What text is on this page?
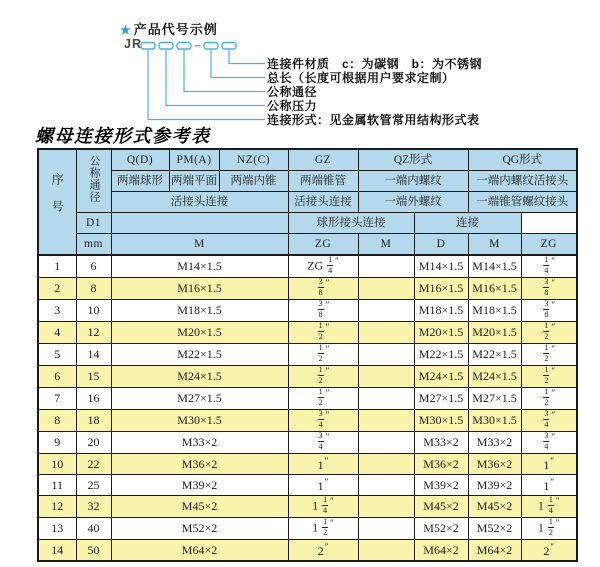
★ 产品代号示例
JR
连接件材质　c：为碳钢　b：为不锈钢
总长（长度可根据用户要求定制）
公称通径
公称压力
连接形式：见金属软管常用结构形式表
螺母连接形式参考表
序号	公称通径	Q(D)	PM(A)	NZ(C)	GZ	QZ形式		QG形式	
		两端球形	两端平面	两端内锥	两端锥管	一端内螺纹		一端内螺纹活接头	
		活接头连接			活接头连接	一端外螺纹		一端锥管螺纹接头	
	D1				球形接头连接		连接		
	mm	M			ZG	M	D	M	ZG
1	6	M14×1.5			ZG $\frac{1}{4} ''$		M14×1.5	M14×1.5	$\frac{1}{4} ''$
2	8	M16×1.5			$\frac{3}{8} ''$		M16×1.5	M16×1.5	$\frac{3}{8} ''$
3	10	M18×1.5			$\frac{3}{8} ''$		M18×1.5	M18×1.5	$\frac{3}{8} ''$
4	12	M20×1.5			$\frac{1}{2} ''$		M20×1.5	M20×1.5	$\frac{1}{2} ''$
5	14	M22×1.5			$\frac{1}{2} ''$		M22×1.5	M22×1.5	$\frac{1}{2} ''$
6	15	M24×1.5			$\frac{1}{2} ''$		M24×1.5	M24×1.5	$\frac{1}{2} ''$
7	16	M27×1.5			$\frac{1}{2} ''$		M27×1.5	M27×1.5	$\frac{1}{2} ''$
8	18	M30×1.5			$\frac{3}{4} ''$		M30×1.5	M30×1.5	$\frac{3}{4} ''$
9	20	M33×2			$\frac{3}{4} ''$		M33×2	M33×2	$\frac{3}{4} ''$
10	22	M36×2			1″		M36×2	M36×2	1″
11	25	M39×2			1″		M39×2	M39×2	1″
12	32	M45×2			$1 \frac{1}{4} ''$		M45×2	M45×2	$1 \frac{1}{4} ''$
13	40	M52×2			$1 \frac{1}{2} ''$		M52×2	M52×2	$1 \frac{1}{2} ''$
14	50	M64×2			2″		M64×2	M64×2	2″
